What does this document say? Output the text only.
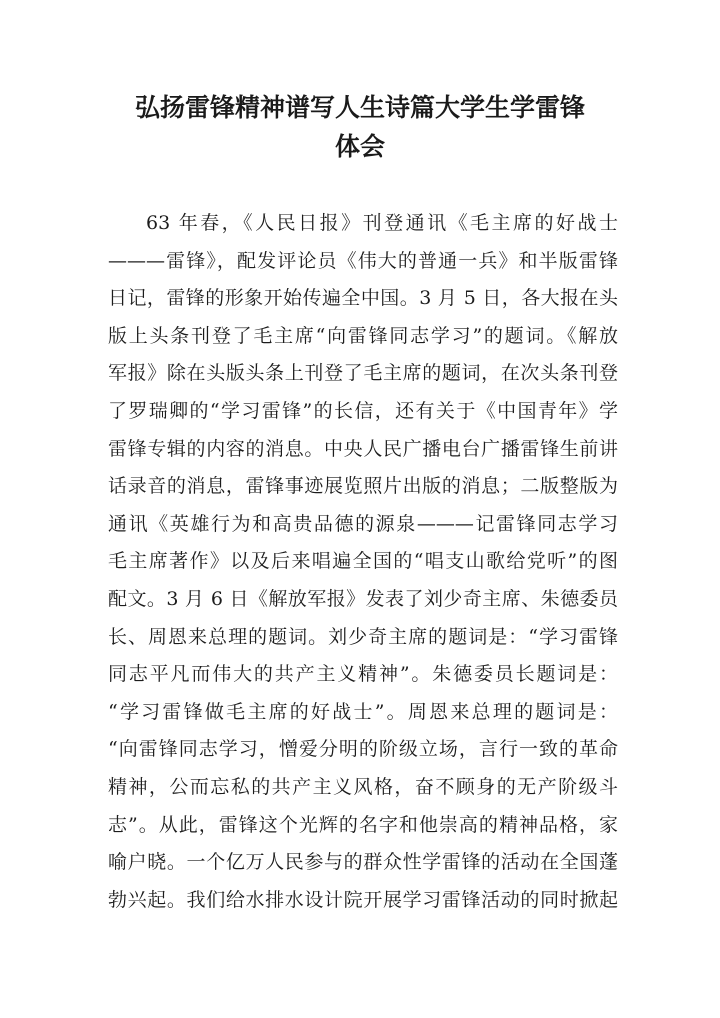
弘扬雷锋精神谱写人生诗篇大学生学雷锋
体会
63 年春，《人民日报》刊登通讯《毛主席的好战士
———雷锋》，配发评论员《伟大的普通一兵》和半版雷锋
日记，雷锋的形象开始传遍全中国。3 月 5 日，各大报在头
版上头条刊登了毛主席“向雷锋同志学习”的题词。《解放
军报》除在头版头条上刊登了毛主席的题词，在次头条刊登
了罗瑞卿的“学习雷锋”的长信，还有关于《中国青年》学
雷锋专辑的内容的消息。中央人民广播电台广播雷锋生前讲
话录音的消息，雷锋事迹展览照片出版的消息；二版整版为
通讯《英雄行为和高贵品德的源泉———记雷锋同志学习
毛主席著作》以及后来唱遍全国的“唱支山歌给党听”的图
配文。3 月 6 日《解放军报》发表了刘少奇主席、朱德委员
长、周恩来总理的题词。刘少奇主席的题词是：“学习雷锋
同志平凡而伟大的共产主义精神”。朱德委员长题词是：
“学习雷锋做毛主席的好战士”。周恩来总理的题词是：
“向雷锋同志学习，憎爱分明的阶级立场，言行一致的革命
精神，公而忘私的共产主义风格，奋不顾身的无产阶级斗
志”。从此，雷锋这个光辉的名字和他崇高的精神品格，家
喻户晓。一个亿万人民参与的群众性学雷锋的活动在全国蓬
勃兴起。我们给水排水设计院开展学习雷锋活动的同时掀起
